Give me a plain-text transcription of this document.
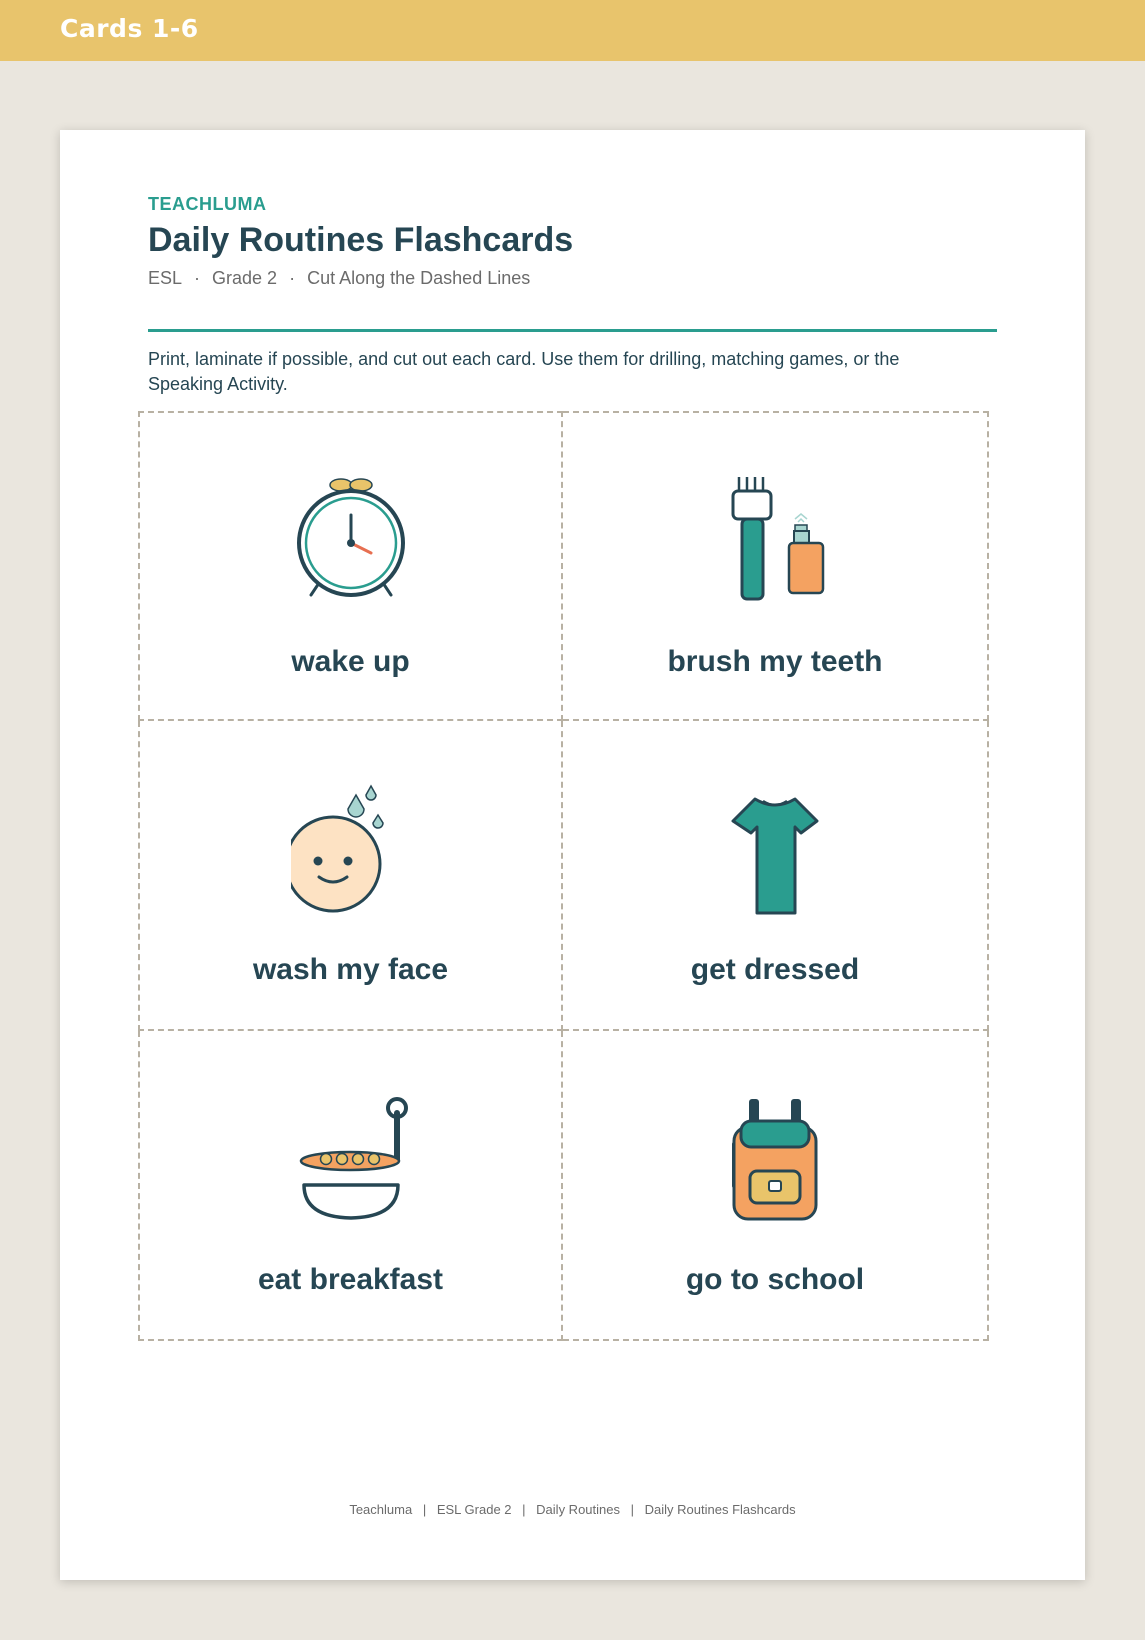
Cards 1-6
TEACHLUMA
Daily Routines Flashcards
ESL · Grade 2 · Cut Along the Dashed Lines
Print, laminate if possible, and cut out each card. Use them for drilling, matching games, or the Speaking Activity.
wake up	brush my teeth
wash my face	get dressed
eat breakfast	go to school
Teachluma | ESL Grade 2 | Daily Routines | Daily Routines Flashcards
